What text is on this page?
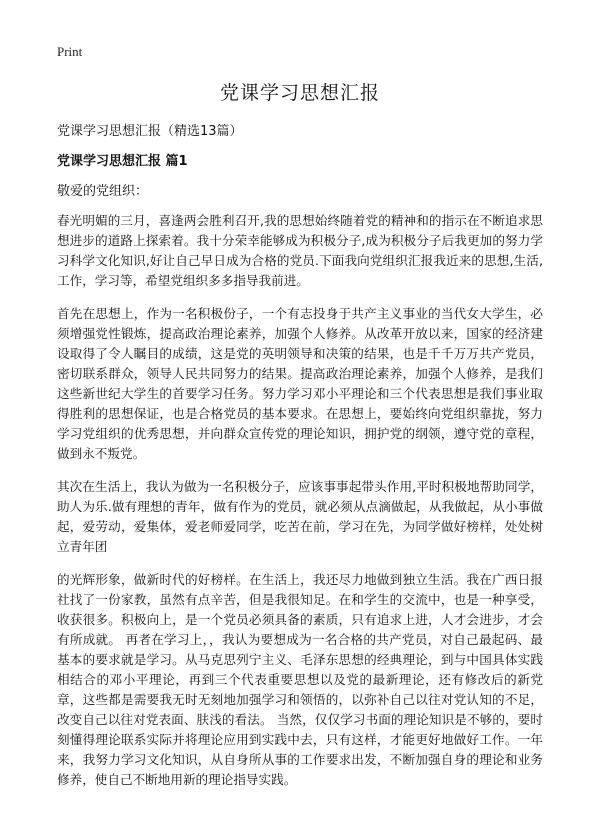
Print

党课学习思想汇报

党课学习思想汇报（精选13篇）

党课学习思想汇报 篇1

敬爱的党组织：

春光明媚的三月，喜逢两会胜利召开,我的思想始终随着党的精神和的指示在不断追求思想进步的道路上探索着。我十分荣幸能够成为积极分子,成为积极分子后我更加的努力学习科学文化知识,好让自己早日成为合格的党员.下面我向党组织汇报我近来的思想,生活,工作，学习等，希望党组织多多指导我前进。

首先在思想上，作为一名积极份子，一个有志投身于共产主义事业的当代女大学生，必须增强党性锻炼，提高政治理论素养，加强个人修养。从改革开放以来，国家的经济建设取得了令人瞩目的成绩，这是党的英明领导和决策的结果，也是千千万万共产党员，密切联系群众，领导人民共同努力的结果。提高政治理论素养，加强个人修养，是我们这些新世纪大学生的首要学习任务。努力学习邓小平理论和三个代表思想是我们事业取得胜利的思想保证，也是合格党员的基本要求。在思想上，要始终向党组织靠拢，努力学习党组织的优秀思想，并向群众宣传党的理论知识，拥护党的纲领，遵守党的章程，做到永不叛党。

其次在生活上，我认为做为一名积极分子，应该事事起带头作用,平时积极地帮助同学，助人为乐.做有理想的青年，做有作为的党员，就必须从点滴做起，从我做起，从小事做起，爱劳动，爱集体，爱老师爱同学，吃苦在前，学习在先，为同学做好榜样，处处树立青年团

的光辉形象，做新时代的好榜样。在生活上，我还尽力地做到独立生活。我在广西日报社找了一份家教，虽然有点辛苦，但是我很知足。在和学生的交流中，也是一种享受，收获很多。积极向上，是一个党员必须具备的素质，只有追求上进，人才会进步，才会有所成就。 再者在学习上，，我认为要想成为一名合格的共产党员，对自己最起码、最基本的要求就是学习。从马克思列宁主义、毛泽东思想的经典理论，到与中国具体实践相结合的邓小平理论，再到三个代表重要思想以及党的最新理论，还有修改后的新党章，这些都是需要我无时无刻地加强学习和领悟的，以弥补自己以往对党认知的不足，改变自己以往对党表面、肤浅的看法。 当然，仅仅学习书面的理论知识是不够的，要时刻懂得理论联系实际并将理论应用到实践中去，只有这样，才能更好地做好工作。一年来，我努力学习文化知识，从自身所从事的工作要求出发，不断加强自身的理论和业务修养，使自己不断地用新的理论指导实践。
